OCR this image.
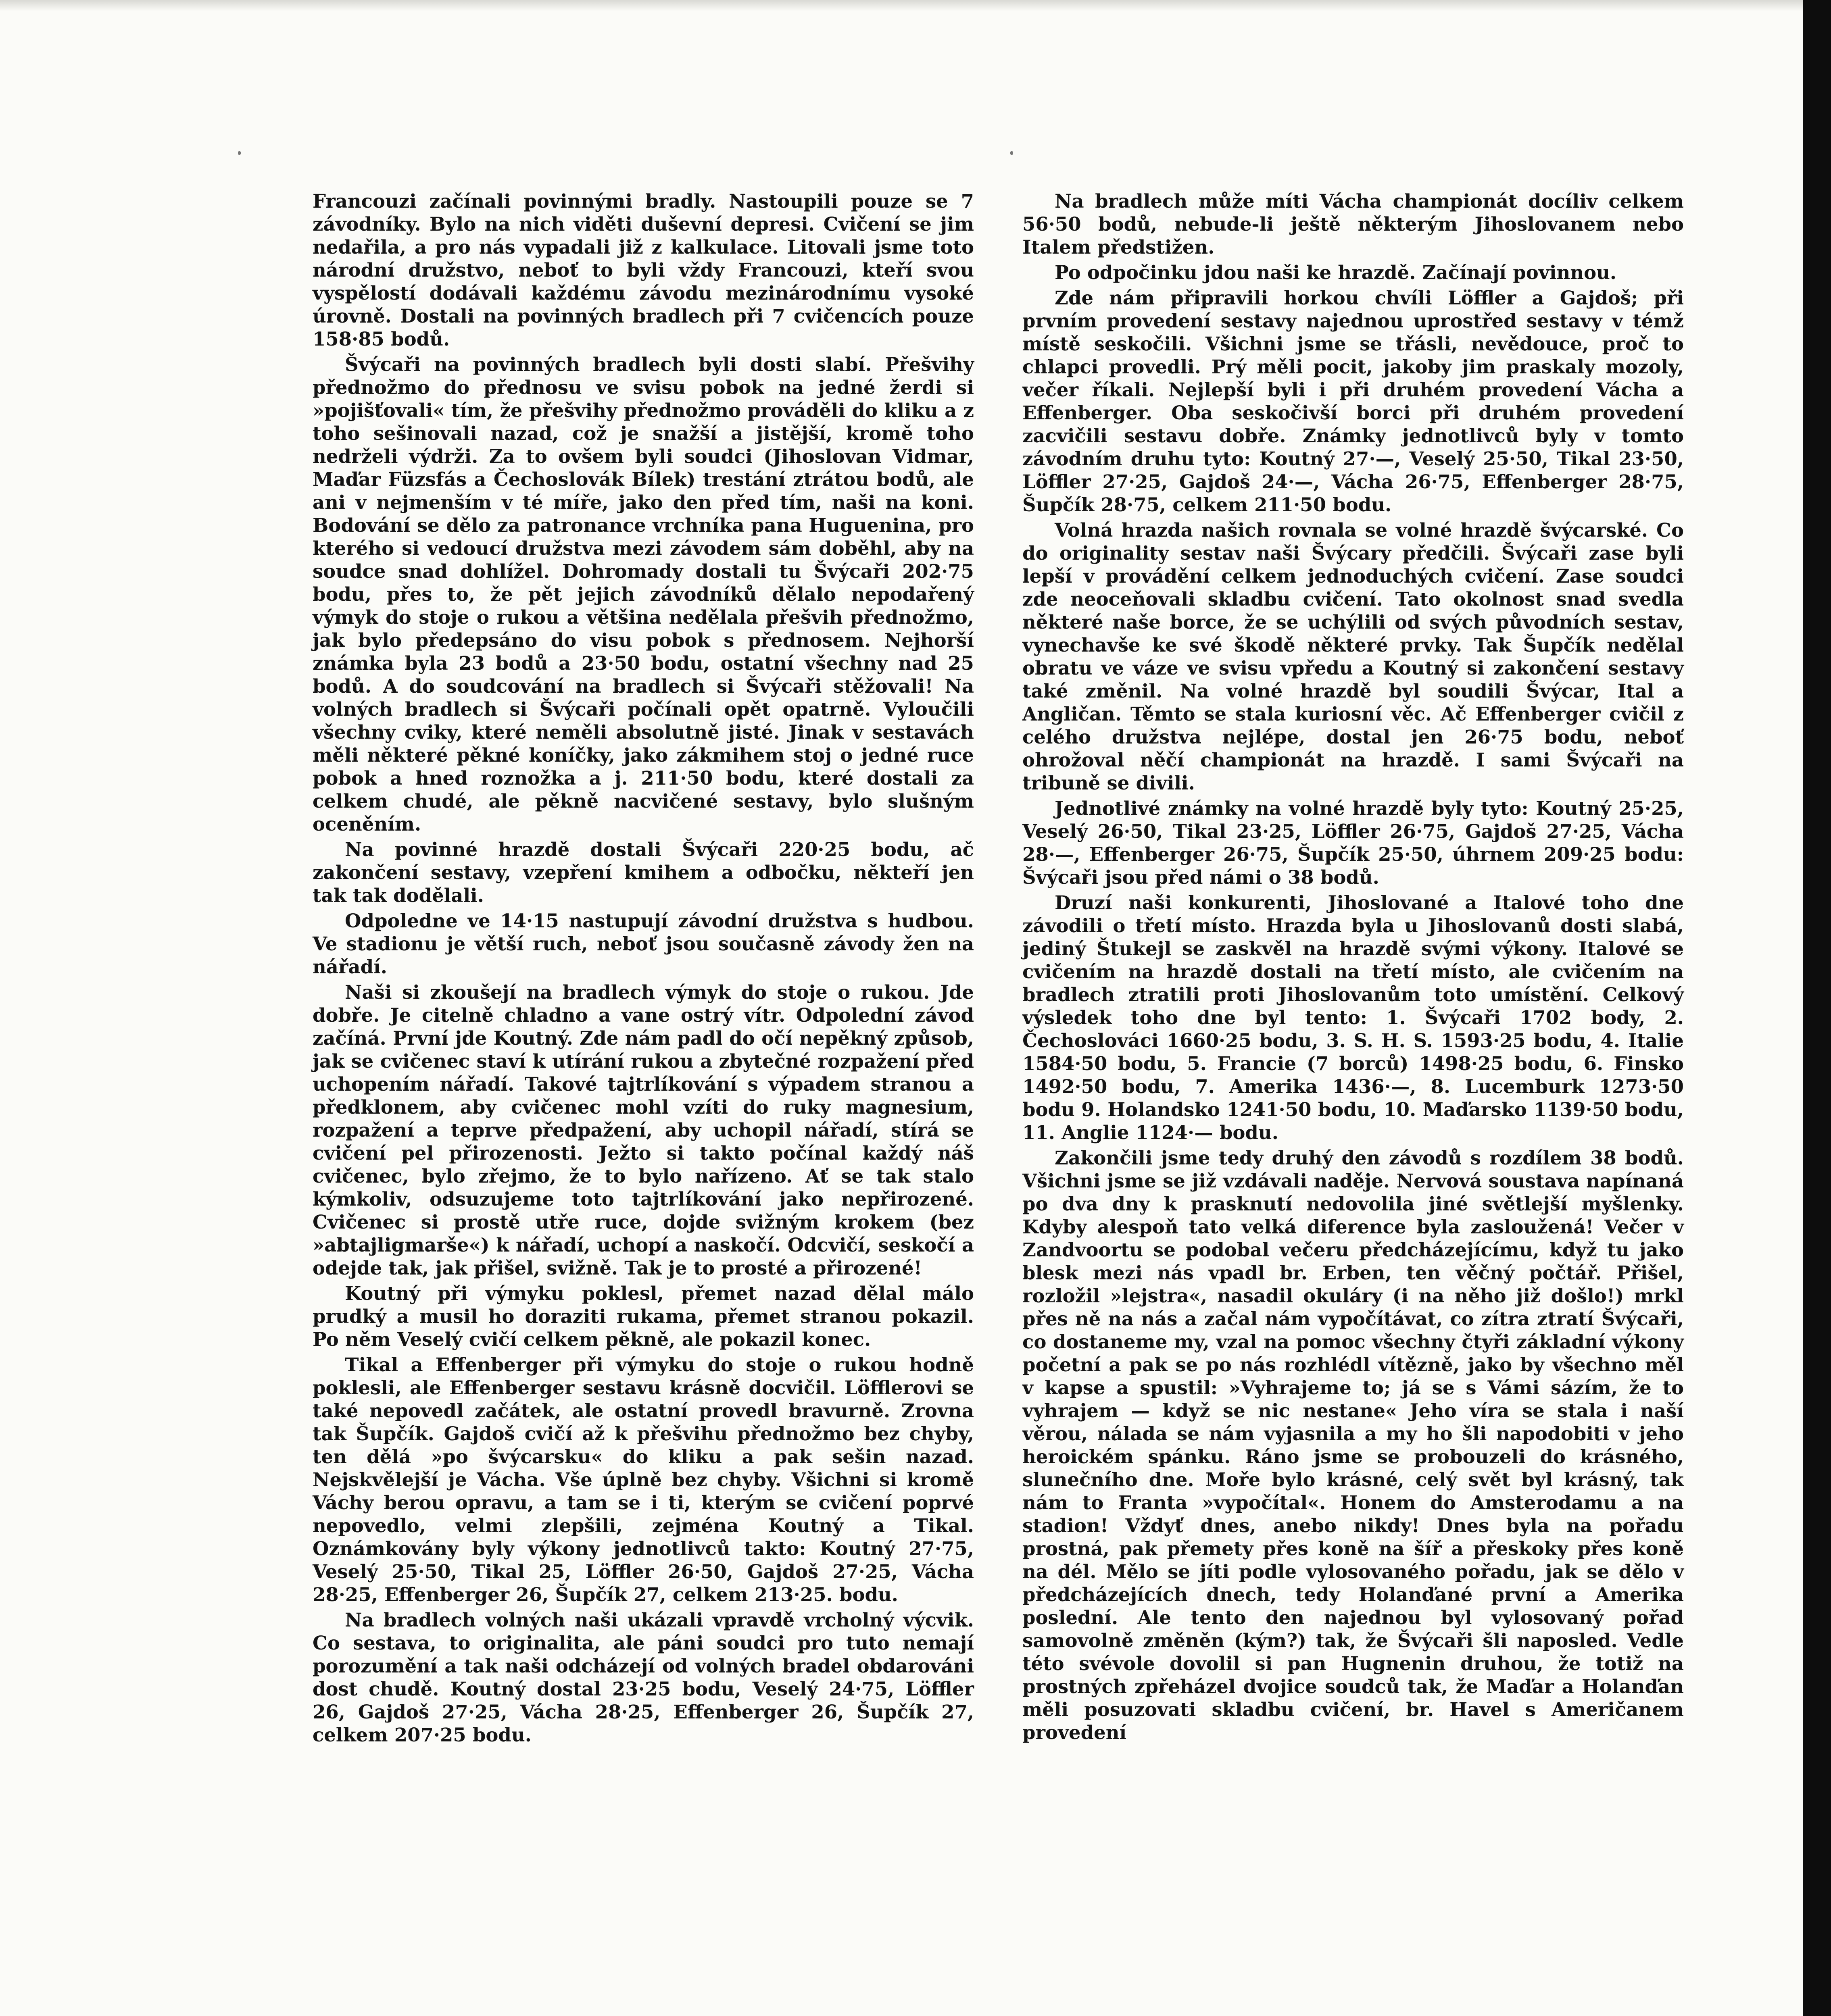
Francouzi začínali povinnými bradly. Nastoupili pouze se 7 závodníky. Bylo na nich viděti duševní depresi. Cvičení se jim nedařila, a pro nás vypadali již z kalkulace. Litovali jsme toto národní družstvo, neboť to byli vždy Francouzi, kteří svou vyspělostí dodávali každému závodu mezinárodnímu vysoké úrovně. Dostali na povinných bradlech při 7 cvičencích pouze 158·85 bodů.

Švýcaři na povinných bradlech byli dosti slabí. Přešvihy přednožmo do přednosu ve svisu pobok na jedné žerdi si »pojišťovali« tím, že přešvihy přednožmo prováděli do kliku a z toho sešinovali nazad, což je snažší a jistější, kromě toho nedrželi výdrži. Za to ovšem byli soudci (Jihoslovan Vidmar, Maďar Füzsfás a Čechoslovák Bílek) trestání ztrátou bodů, ale ani v nejmenším v té míře, jako den před tím, naši na koni. Bodování se dělo za patronance vrchníka pana Huguenina, pro kterého si vedoucí družstva mezi závodem sám doběhl, aby na soudce snad dohlížel. Dohromady dostali tu Švýcaři 202·75 bodu, přes to, že pět jejich závodníků dělalo nepodařený výmyk do stoje o rukou a většina nedělala přešvih přednožmo, jak bylo předepsáno do visu pobok s přednosem. Nejhorší známka byla 23 bodů a 23·50 bodu, ostatní všechny nad 25 bodů. A do soudcování na bradlech si Švýcaři stěžovali! Na volných bradlech si Švýcaři počínali opět opatrně. Vyloučili všechny cviky, které neměli absolutně jisté. Jinak v sestavách měli některé pěkné koníčky, jako zákmihem stoj o jedné ruce pobok a hned roznožka a j. 211·50 bodu, které dostali za celkem chudé, ale pěkně nacvičené sestavy, bylo slušným oceněním.

Na povinné hrazdě dostali Švýcaři 220·25 bodu, ač zakončení sestavy, vzepření kmihem a odbočku, někteří jen tak tak dodělali.

Odpoledne ve 14·15 nastupují závodní družstva s hudbou. Ve stadionu je větší ruch, neboť jsou současně závody žen na nářadí.

Naši si zkoušejí na bradlech výmyk do stoje o rukou. Jde dobře. Je citelně chladno a vane ostrý vítr. Odpolední závod začíná. První jde Koutný. Zde nám padl do očí nepěkný způsob, jak se cvičenec staví k utírání rukou a zbytečné rozpažení před uchopením nářadí. Takové tajtrlíkování s výpadem stranou a předklonem, aby cvičenec mohl vzíti do ruky magnesium, rozpažení a teprve předpažení, aby uchopil nářadí, stírá se cvičení pel přirozenosti. Ježto si takto počínal každý náš cvičenec, bylo zřejmo, že to bylo nařízeno. Ať se tak stalo kýmkoliv, odsuzujeme toto tajtrlíkování jako nepřirozené. Cvičenec si prostě utře ruce, dojde svižným krokem (bez »abtajligmarše«) k nářadí, uchopí a naskočí. Odcvičí, seskočí a odejde tak, jak přišel, svižně. Tak je to prosté a přirozené!

Koutný při výmyku poklesl, přemet nazad dělal málo prudký a musil ho doraziti rukama, přemet stranou pokazil. Po něm Veselý cvičí celkem pěkně, ale pokazil konec.

Tikal a Effenberger při výmyku do stoje o rukou hodně poklesli, ale Effenberger sestavu krásně docvičil. Löfflerovi se také nepovedl začátek, ale ostatní provedl bravurně. Zrovna tak Šupčík. Gajdoš cvičí až k přešvihu přednožmo bez chyby, ten dělá »po švýcarsku« do kliku a pak sešin nazad. Nejskvělejší je Vácha. Vše úplně bez chyby. Všichni si kromě Váchy berou opravu, a tam se i ti, kterým se cvičení poprvé nepovedlo, velmi zlepšili, zejména Koutný a Tikal. Oznámkovány byly výkony jednotlivců takto: Koutný 27·75, Veselý 25·50, Tikal 25, Löffler 26·50, Gajdoš 27·25, Vácha 28·25, Effenberger 26, Šupčík 27, celkem 213·25. bodu.

Na bradlech volných naši ukázali vpravdě vrcholný výcvik. Co sestava, to originalita, ale páni soudci pro tuto nemají porozumění a tak naši odcházejí od volných bradel obdarováni dost chudě. Koutný dostal 23·25 bodu, Veselý 24·75, Löffler 26, Gajdoš 27·25, Vácha 28·25, Effenberger 26, Šupčík 27, celkem 207·25 bodu.

Na bradlech může míti Vácha championát docíliv celkem 56·50 bodů, nebude-li ještě některým Jihoslovanem nebo Italem předstižen.

Po odpočinku jdou naši ke hrazdě. Začínají povinnou.

Zde nám připravili horkou chvíli Löffler a Gajdoš; při prvním provedení sestavy najednou uprostřed sestavy v témž místě seskočili. Všichni jsme se třásli, nevědouce, proč to chlapci provedli. Prý měli pocit, jakoby jim praskaly mozoly, večer říkali. Nejlepší byli i při druhém provedení Vácha a Effenberger. Oba seskočivší borci při druhém provedení zacvičili sestavu dobře. Známky jednotlivců byly v tomto závodním druhu tyto: Koutný 27·—, Veselý 25·50, Tikal 23·50, Löffler 27·25, Gajdoš 24·—, Vácha 26·75, Effenberger 28·75, Šupčík 28·75, celkem 211·50 bodu.

Volná hrazda našich rovnala se volné hrazdě švýcarské. Co do originality sestav naši Švýcary předčili. Švýcaři zase byli lepší v provádění celkem jednoduchých cvičení. Zase soudci zde neoceňovali skladbu cvičení. Tato okolnost snad svedla některé naše borce, že se uchýlili od svých původních sestav, vynechavše ke své škodě některé prvky. Tak Šupčík nedělal obratu ve váze ve svisu vpředu a Koutný si zakončení sestavy také změnil. Na volné hrazdě byl soudili Švýcar, Ital a Angličan. Těmto se stala kuriosní věc. Ač Effenberger cvičil z celého družstva nejlépe, dostal jen 26·75 bodu, neboť ohrožoval něčí championát na hrazdě. I sami Švýcaři na tribuně se divili.

Jednotlivé známky na volné hrazdě byly tyto: Koutný 25·25, Veselý 26·50, Tikal 23·25, Löffler 26·75, Gajdoš 27·25, Vácha 28·—, Effenberger 26·75, Šupčík 25·50, úhrnem 209·25 bodu: Švýcaři jsou před námi o 38 bodů.

Druzí naši konkurenti, Jihoslované a Italové toho dne závodili o třetí místo. Hrazda byla u Jihoslovanů dosti slabá, jediný Štukejl se zaskvěl na hrazdě svými výkony. Italové se cvičením na hrazdě dostali na třetí místo, ale cvičením na bradlech ztratili proti Jihoslovanům toto umístění. Celkový výsledek toho dne byl tento: 1. Švýcaři 1702 body, 2. Čechoslováci 1660·25 bodu, 3. S. H. S. 1593·25 bodu, 4. Italie 1584·50 bodu, 5. Francie (7 borců) 1498·25 bodu, 6. Finsko 1492·50 bodu, 7. Amerika 1436·—, 8. Lucemburk 1273·50 bodu 9. Holandsko 1241·50 bodu, 10. Maďarsko 1139·50 bodu, 11. Anglie 1124·— bodu.

Zakončili jsme tedy druhý den závodů s rozdílem 38 bodů. Všichni jsme se již vzdávali naděje. Nervová soustava napínaná po dva dny k prasknutí nedovolila jiné světlejší myšlenky. Kdyby alespoň tato velká diference byla zasloužená! Večer v Zandvoortu se podobal večeru předcházejícímu, když tu jako blesk mezi nás vpadl br. Erben, ten věčný počtář. Přišel, rozložil »lejstra«, nasadil okuláry (i na něho již došlo!) mrkl přes ně na nás a začal nám vypočítávat, co zítra ztratí Švýcaři, co dostaneme my, vzal na pomoc všechny čtyři základní výkony početní a pak se po nás rozhlédl vítězně, jako by všechno měl v kapse a spustil: »Vyhrajeme to; já se s Vámi sázím, že to vyhrajem — když se nic nestane« Jeho víra se stala i naší věrou, nálada se nám vyjasnila a my ho šli napodobiti v jeho heroickém spánku. Ráno jsme se probouzeli do krásného, slunečního dne. Moře bylo krásné, celý svět byl krásný, tak nám to Franta »vypočítal«. Honem do Amsterodamu a na stadion! Vždyť dnes, anebo nikdy! Dnes byla na pořadu prostná, pak přemety přes koně na šíř a přeskoky přes koně na dél. Mělo se jíti podle vylosovaného pořadu, jak se dělo v předcházejících dnech, tedy Holanďané první a Amerika poslední. Ale tento den najednou byl vylosovaný pořad samovolně změněn (kým?) tak, že Švýcaři šli naposled. Vedle této svévole dovolil si pan Hugnenin druhou, že totiž na prostných zpřeházel dvojice soudců tak, že Maďar a Holanďan měli posuzovati skladbu cvičení, br. Havel s Američanem provedení
